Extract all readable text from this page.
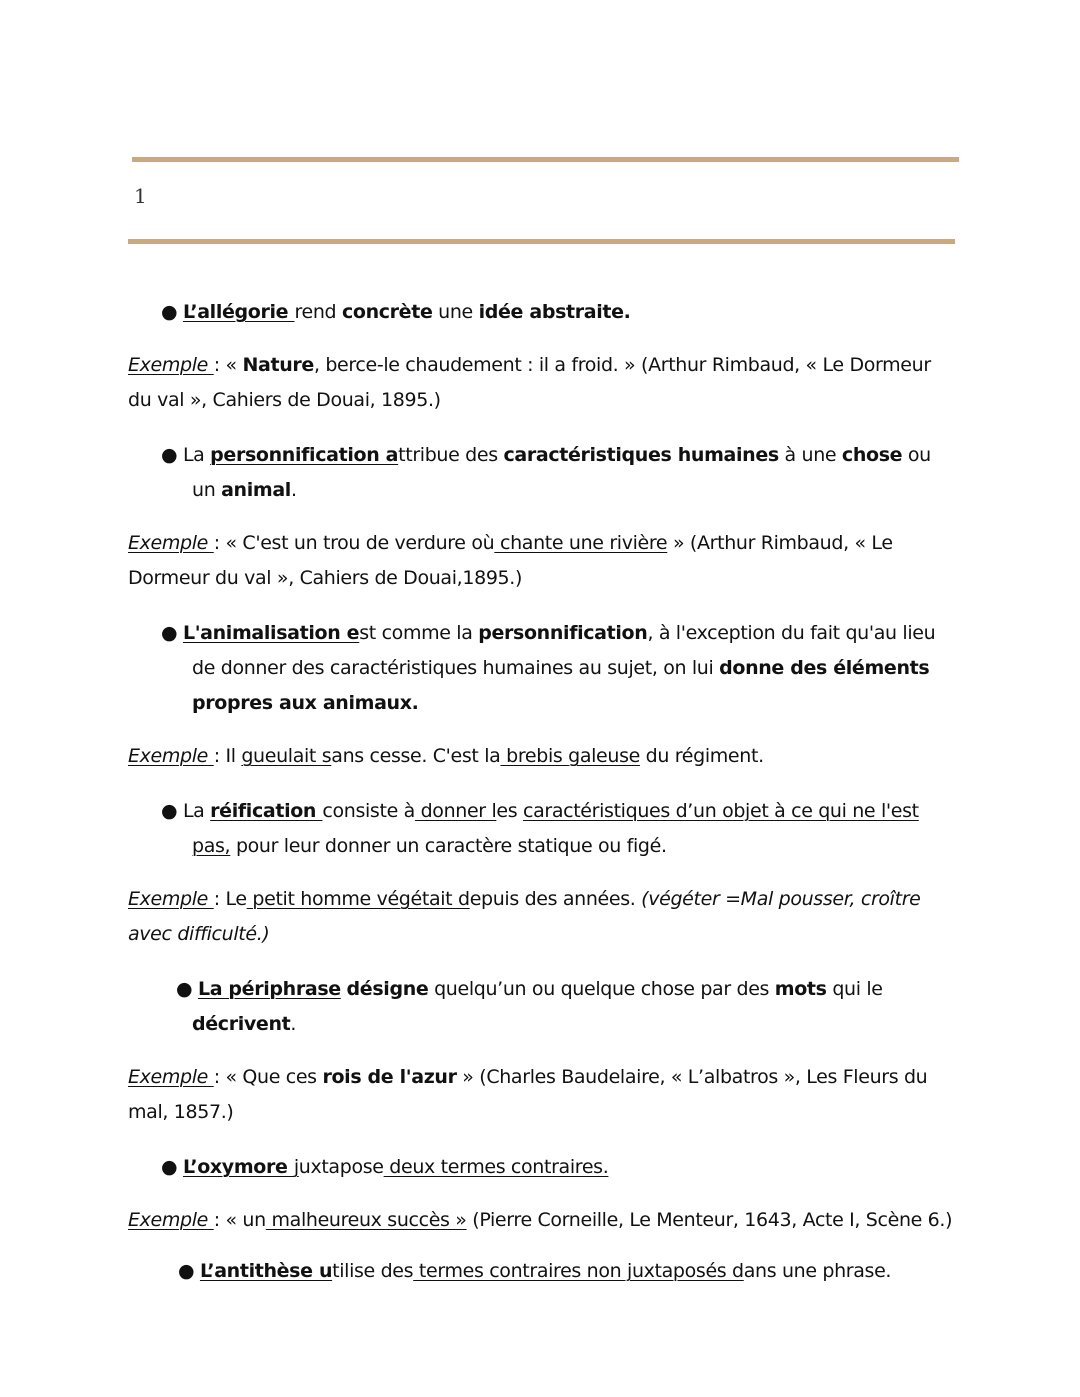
1

● L’allégorie rend concrète une idée abstraite.

Exemple : « Nature, berce-le chaudement : il a froid. » (Arthur Rimbaud, « Le Dormeur du val », Cahiers de Douai, 1895.)

● La personnification attribue des caractéristiques humaines à une chose ou un animal.

Exemple : « C'est un trou de verdure où chante une rivière » (Arthur Rimbaud, « Le Dormeur du val », Cahiers de Douai,1895.)

● L'animalisation est comme la personnification, à l'exception du fait qu'au lieu de donner des caractéristiques humaines au sujet, on lui donne des éléments propres aux animaux.

Exemple : Il gueulait sans cesse. C'est la brebis galeuse du régiment.

● La réification consiste à donner les caractéristiques d’un objet à ce qui ne l'est pas, pour leur donner un caractère statique ou figé.

Exemple : Le petit homme végétait depuis des années. (végéter =Mal pousser, croître avec difficulté.)

● La périphrase désigne quelqu’un ou quelque chose par des mots qui le décrivent.

Exemple : « Que ces rois de l'azur » (Charles Baudelaire, « L’albatros », Les Fleurs du mal, 1857.)

● L’oxymore juxtapose deux termes contraires.

Exemple : « un malheureux succès » (Pierre Corneille, Le Menteur, 1643, Acte I, Scène 6.)

● L’antithèse utilise des termes contraires non juxtaposés dans une phrase.
